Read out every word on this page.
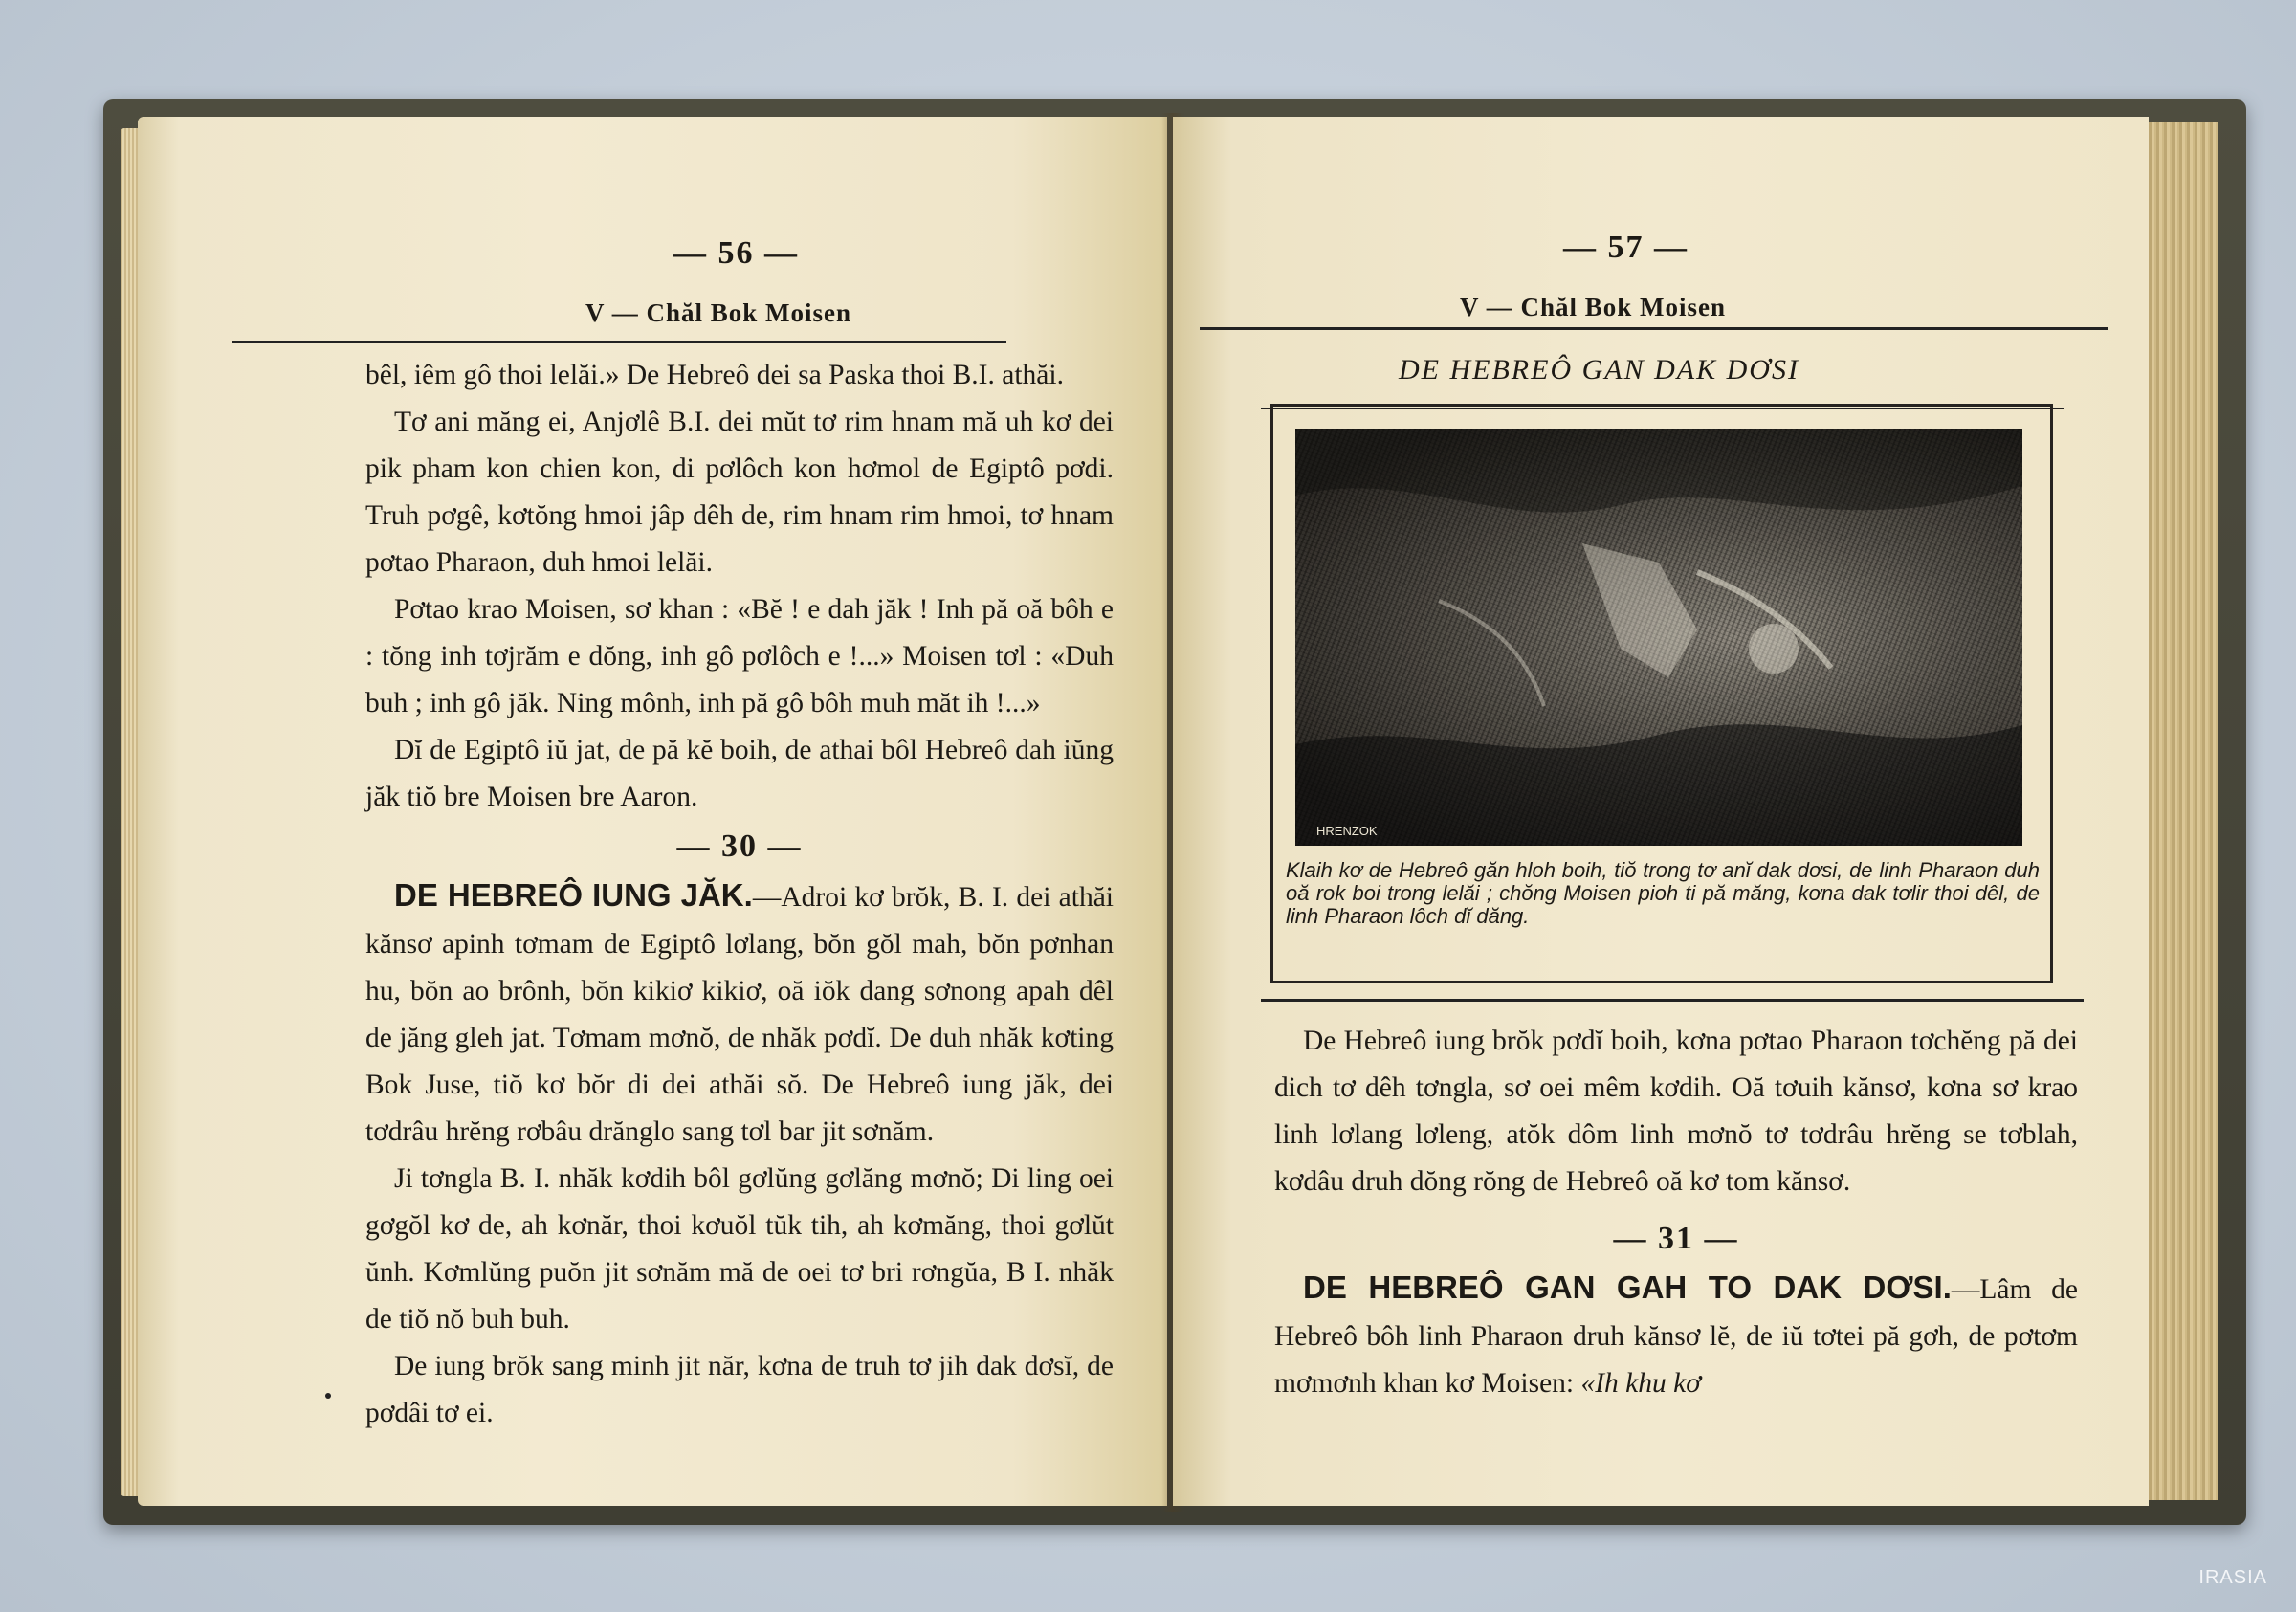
— 56 —
V — Chăl Bok Moisen

bêl, iêm gô thoi lelăi.» De Hebreô dei sa Paska thoi B.I. athăi.

Tơ ani măng ei, Anjơlê B.I. dei mŭt tơ rim hnam mă uh kơ dei pik pham kon chien kon, di pơlôch kon hơmol de Egiptô pơdi. Truh pơgê, kơtŏng hmoi jâp dêh de, rim hnam rim hmoi, tơ hnam pơtao Pharaon, duh hmoi lelăi.

Pơtao krao Moisen, sơ khan : «Bĕ ! e dah jăk ! Inh pă oă bôh e : tŏng inh tơjrăm e dŏng, inh gô pơlôch e !...» Moisen tơl : «Duh buh ; inh gô jăk. Ning mônh, inh pă gô bôh muh măt ih !...»

Dĭ de Egiptô iŭ jat, de pă kĕ boih, de athai bôl Hebreô dah iŭng jăk tiŏ bre Moisen bre Aaron.

— 30 —

DE HEBREÔ IUNG JĂK.—Adroi kơ brŏk, B. I. dei athăi kănsơ apinh tơmam de Egiptô lơlang, bŏn gŏl mah, bŏn pơnhan hu, bŏn ao brônh, bŏn kikiơ kikiơ, oă iŏk dang sơnong apah dêl de jăng gleh jat. Tơmam mơnŏ, de nhăk pơdĭ. De duh nhăk kơting Bok Juse, tiŏ kơ bŏr di dei athăi sŏ. De Hebreô iung jăk, dei tơdrâu hrĕng rơbâu drănglo sang tơl bar jit sơnăm.

Ji tơngla B. I. nhăk kơdih bôl gơlŭng gơlăng mơnŏ; Di ling oei gơgŏl kơ de, ah kơnăr, thoi kơuŏl tŭk tih, ah kơmăng, thoi gơlŭt ŭnh. Kơmlŭng puŏn jit sơnăm mă de oei tơ bri rơngŭa, B I. nhăk de tiŏ nŏ buh buh.

De iung brŏk sang minh jit năr, kơna de truh tơ jih dak dơsĭ, de pơdâi tơ ei.

— 57 —
V — Chăl Bok Moisen
DE HEBREÔ GAN DAK DƠSI
HRENZOK

Klaih kơ de Hebreô găn hloh boih, tiŏ trong tơ anĭ dak dơsi, de linh Pharaon duh oă rok boi trong lelăi ; chŏng Moisen pioh ti pă măng, kơna dak tơlir thoi dêl, de linh Pharaon lôch dĭ dăng.

De Hebreô iung brŏk pơdĭ boih, kơna pơtao Pharaon tơchĕng pă dei dich tơ dêh tơngla, sơ oei mêm kơdih. Oă tơuih kănsơ, kơna sơ krao linh lơlang lơleng, atŏk dôm linh mơnŏ tơ tơdrâu hrĕng se tơblah, kơdâu druh dŏng rŏng de Hebreô oă kơ tom kănsơ.

— 31 —

DE HEBREÔ GAN GAH TO DAK DƠSI.—Lâm de Hebreô bôh linh Pharaon druh kănsơ lĕ, de iŭ tơtei pă gơh, de pơtơm mơmơnh khan kơ Moisen: «Ih khu kơ

IRASIA
